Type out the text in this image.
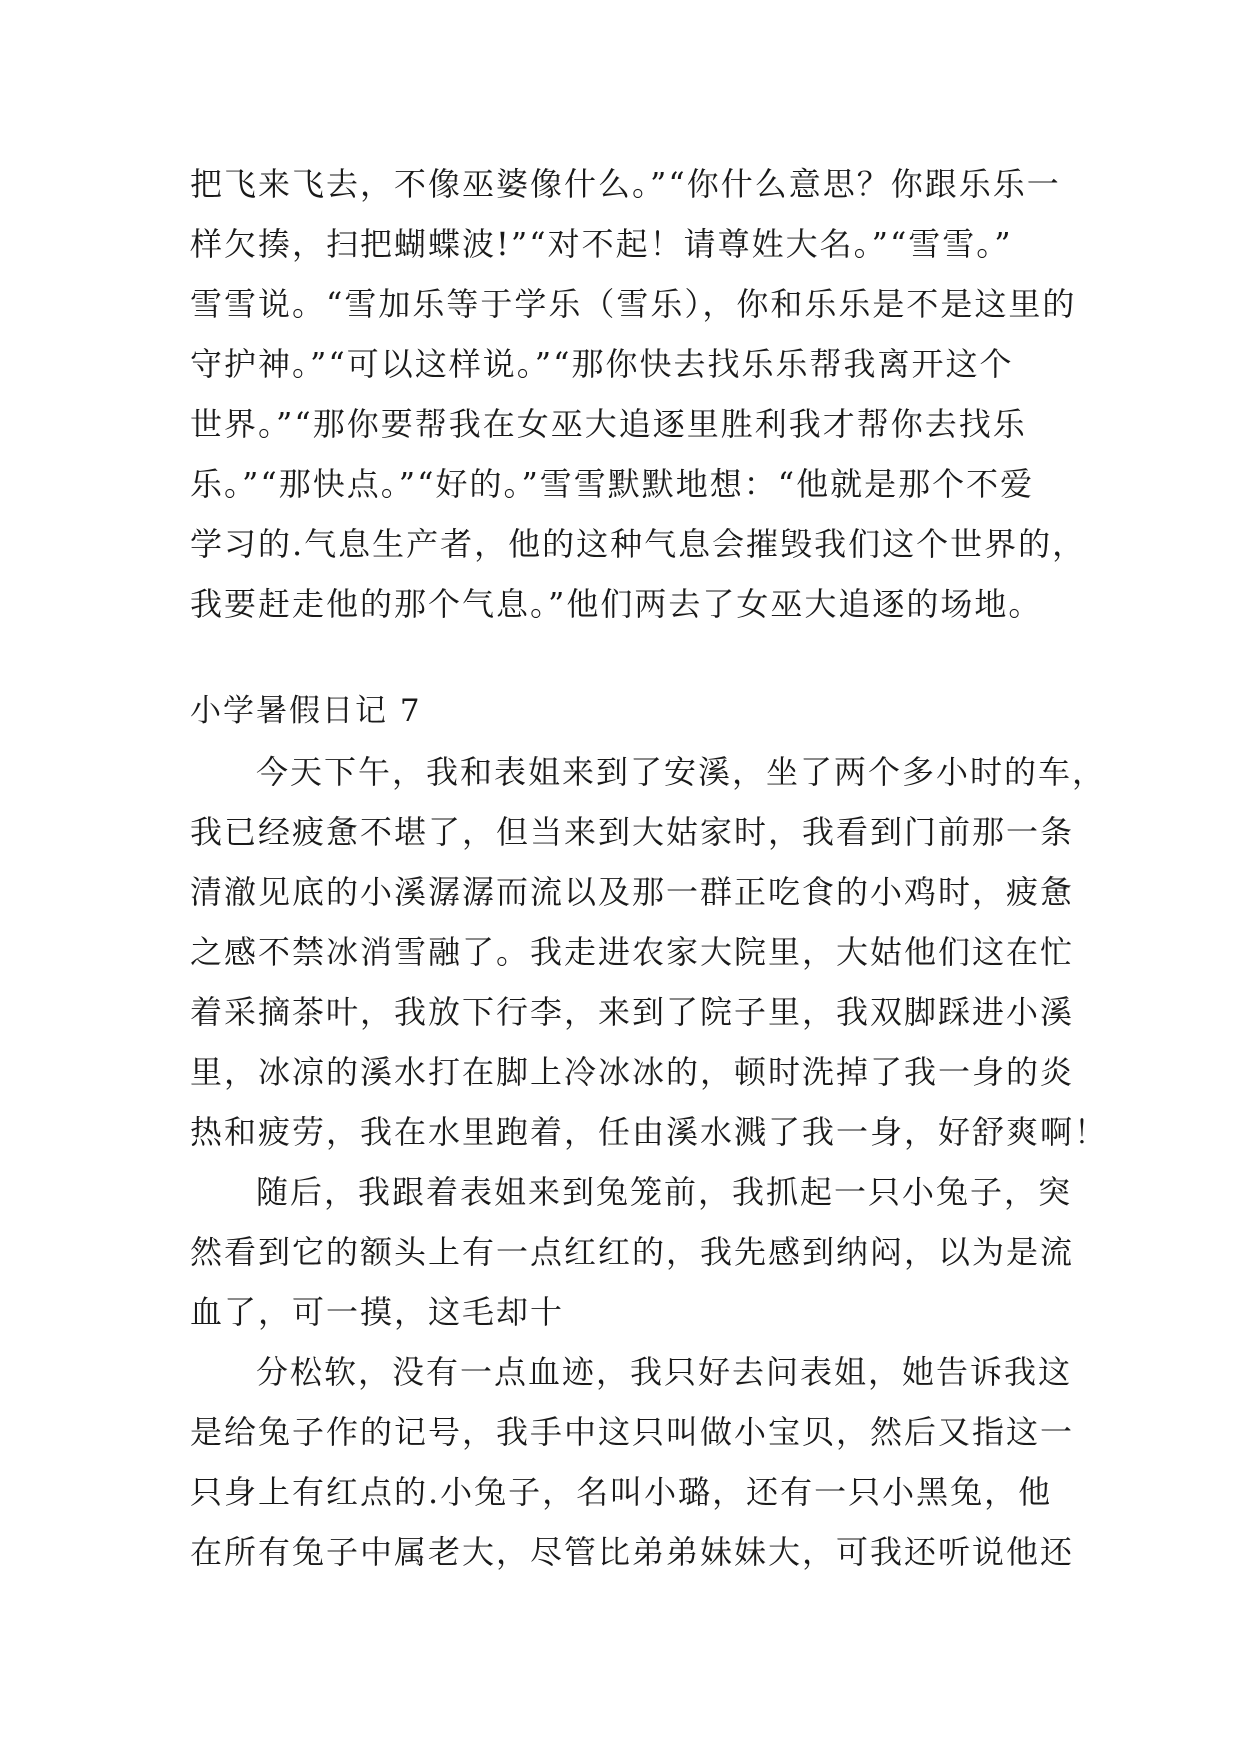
把飞来飞去，不像巫婆像什么。”“你什么意思？你跟乐乐一
样欠揍，扫把蝴蝶波!”“对不起！请尊姓大名。”“雪雪。”
雪雪说。“雪加乐等于学乐（雪乐），你和乐乐是不是这里的
守护神。”“可以这样说。”“那你快去找乐乐帮我离开这个
世界。”“那你要帮我在女巫大追逐里胜利我才帮你去找乐
乐。”“那快点。”“好的。”雪雪默默地想：“他就是那个不爱
学习的.气息生产者，他的这种气息会摧毁我们这个世界的，
我要赶走他的那个气息。”他们两去了女巫大追逐的场地。
小学暑假日记 7
今天下午，我和表姐来到了安溪，坐了两个多小时的车，
我已经疲惫不堪了，但当来到大姑家时，我看到门前那一条
清澈见底的小溪潺潺而流以及那一群正吃食的小鸡时，疲惫
之感不禁冰消雪融了。我走进农家大院里，大姑他们这在忙
着采摘茶叶，我放下行李，来到了院子里，我双脚踩进小溪
里，冰凉的溪水打在脚上冷冰冰的，顿时洗掉了我一身的炎
热和疲劳，我在水里跑着，任由溪水溅了我一身，好舒爽啊！
随后，我跟着表姐来到兔笼前，我抓起一只小兔子，突
然看到它的额头上有一点红红的，我先感到纳闷，以为是流
血了，可一摸，这毛却十
分松软，没有一点血迹，我只好去问表姐，她告诉我这
是给兔子作的记号，我手中这只叫做小宝贝，然后又指这一
只身上有红点的.小兔子，名叫小璐，还有一只小黑兔，他
在所有兔子中属老大，尽管比弟弟妹妹大，可我还听说他还
